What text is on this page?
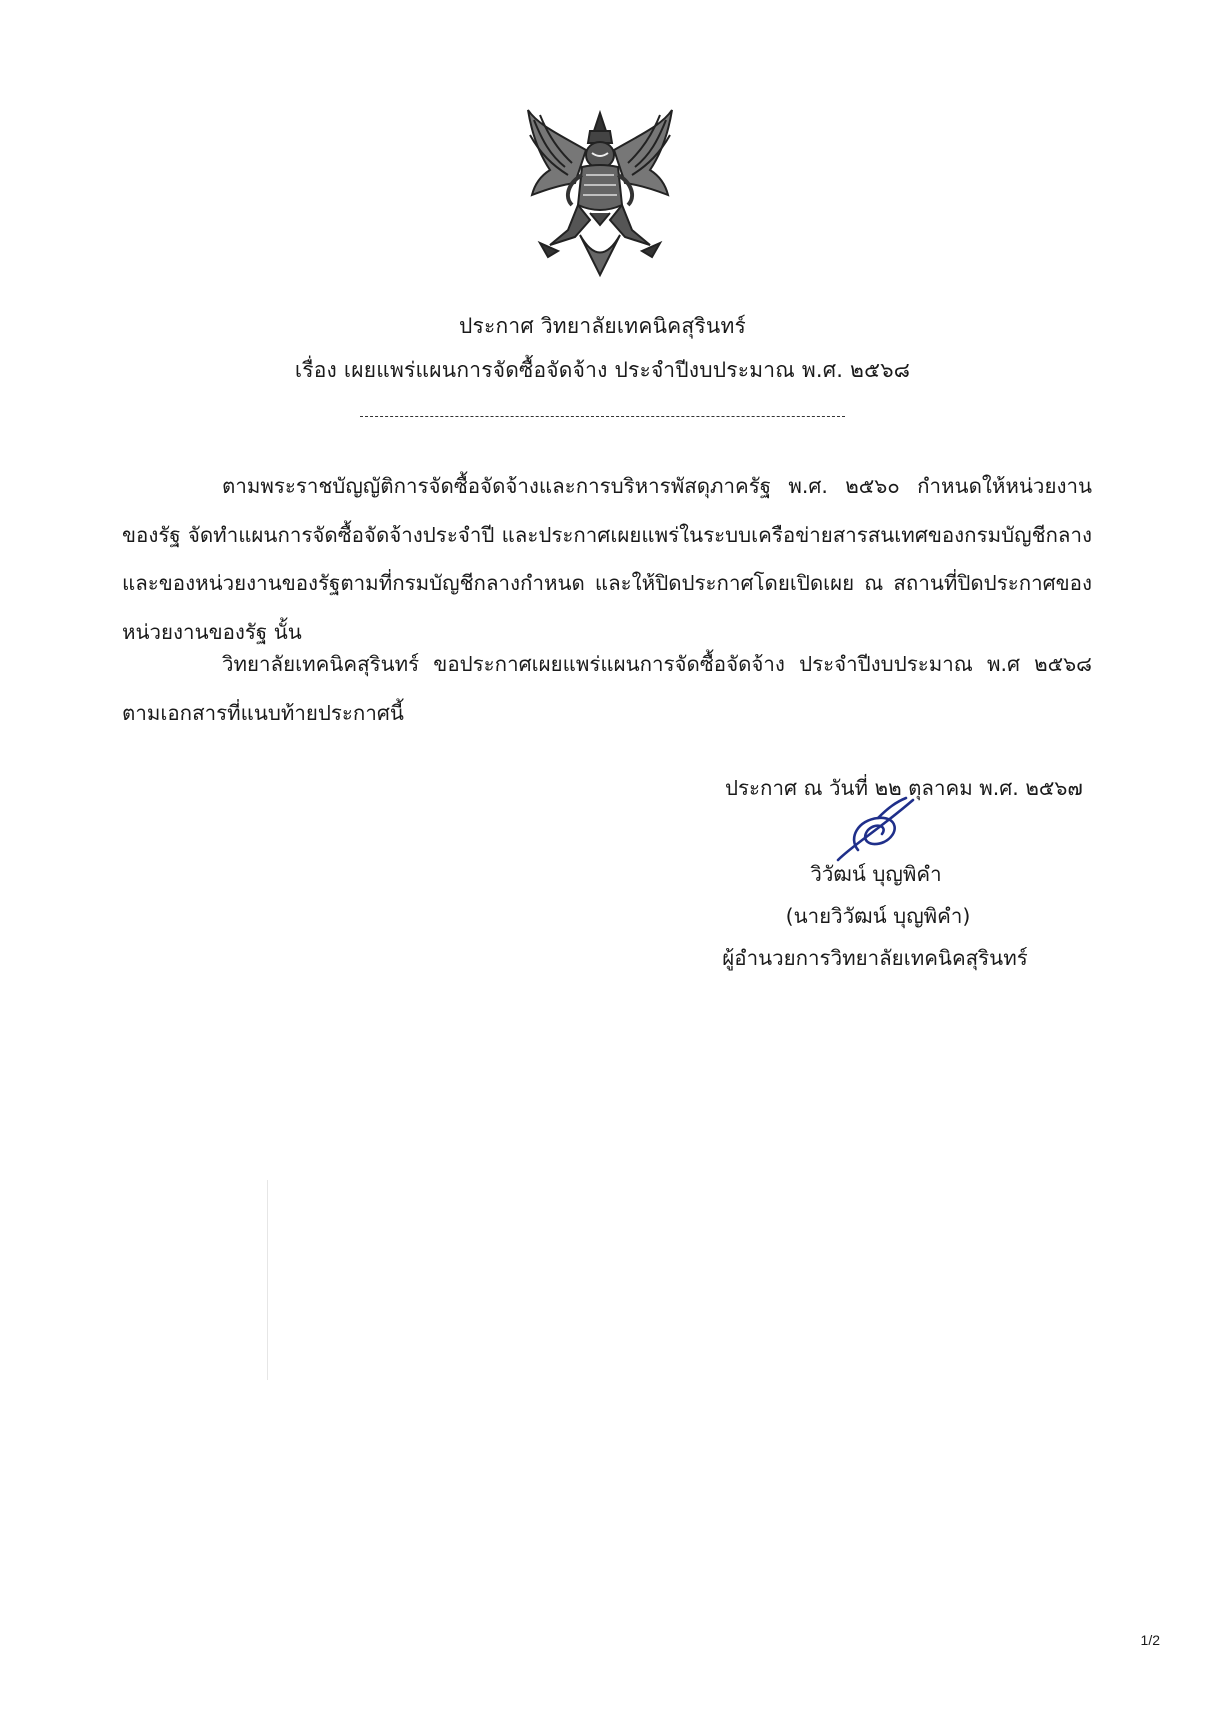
ประกาศ วิทยาลัยเทคนิคสุรินทร์
เรื่อง เผยแพร่แผนการจัดซื้อจัดจ้าง ประจำปีงบประมาณ พ.ศ. ๒๕๖๘
ตามพระราชบัญญัติการจัดซื้อจัดจ้างและการบริหารพัสดุภาครัฐ พ.ศ. ๒๕๖๐ กำหนดให้หน่วยงานของรัฐ จัดทำแผนการจัดซื้อจัดจ้างประจำปี และประกาศเผยแพร่ในระบบเครือข่ายสารสนเทศของกรมบัญชีกลางและของหน่วยงานของรัฐตามที่กรมบัญชีกลางกำหนด และให้ปิดประกาศโดยเปิดเผย ณ สถานที่ปิดประกาศของหน่วยงานของรัฐ นั้น
วิทยาลัยเทคนิคสุรินทร์ ขอประกาศเผยแพร่แผนการจัดซื้อจัดจ้าง ประจำปีงบประมาณ พ.ศ ๒๕๖๘ ตามเอกสารที่แนบท้ายประกาศนี้
ประกาศ ณ วันที่ ๒๒ ตุลาคม พ.ศ. ๒๕๖๗
วิวัฒน์ บุญพิคำ
(นายวิวัฒน์ บุญพิคำ)
ผู้อำนวยการวิทยาลัยเทคนิคสุรินทร์
1/2
